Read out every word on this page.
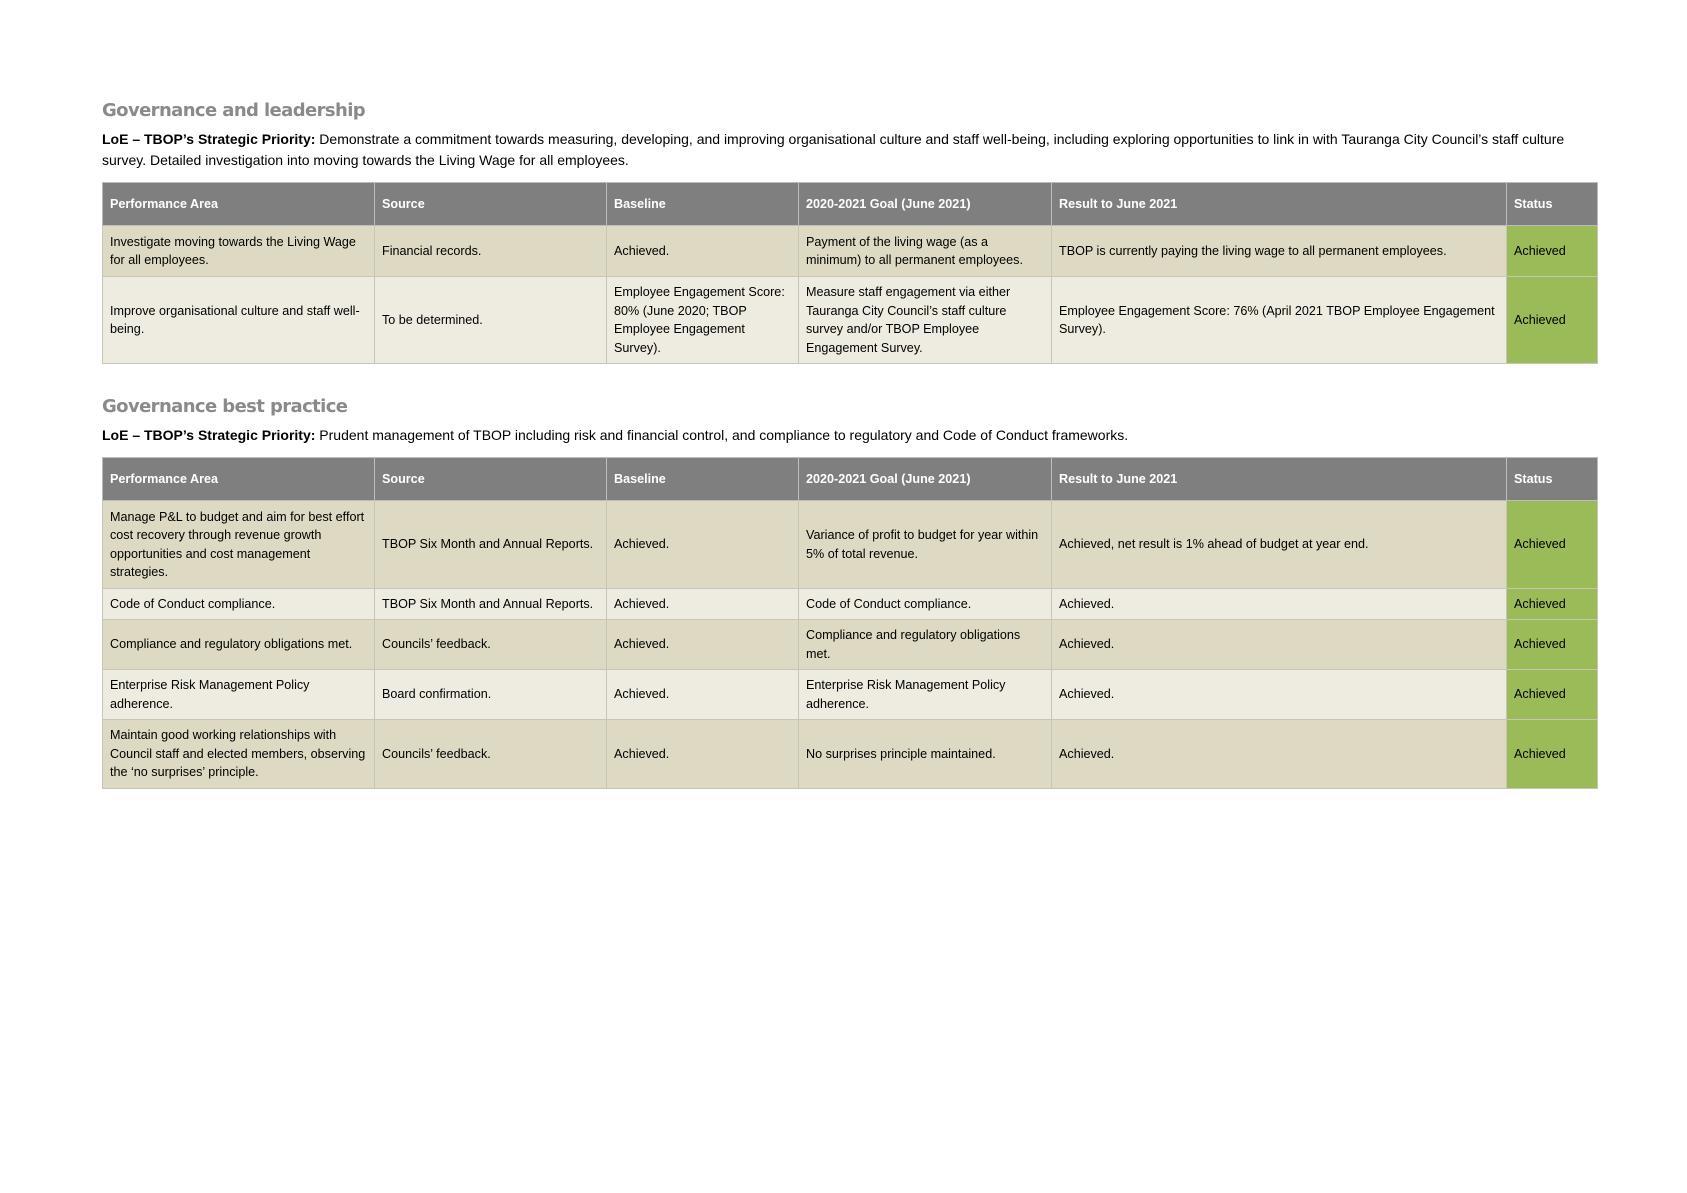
Governance and leadership

LoE – TBOP’s Strategic Priority: Demonstrate a commitment towards measuring, developing, and improving organisational culture and staff well-being, including exploring opportunities to link in with Tauranga City Council’s staff culture survey. Detailed investigation into moving towards the Living Wage for all employees.

Performance Area	Source	Baseline	2020-2021 Goal (June 2021)	Result to June 2021	Status
Investigate moving towards the Living Wage for all employees.	Financial records.	Achieved.	Payment of the living wage (as a minimum) to all permanent employees.	TBOP is currently paying the living wage to all permanent employees.	Achieved
Improve organisational culture and staff well-being.	To be determined.	Employee Engagement Score: 80% (June 2020; TBOP Employee Engagement Survey).	Measure staff engagement via either Tauranga City Council’s staff culture survey and/or TBOP Employee Engagement Survey.	Employee Engagement Score: 76% (April 2021 TBOP Employee Engagement Survey).	Achieved
Governance best practice

LoE – TBOP’s Strategic Priority: Prudent management of TBOP including risk and financial control, and compliance to regulatory and Code of Conduct frameworks.

Performance Area	Source	Baseline	2020-2021 Goal (June 2021)	Result to June 2021	Status
Manage P&L to budget and aim for best effort cost recovery through revenue growth opportunities and cost management strategies.	TBOP Six Month and Annual Reports.	Achieved.	Variance of profit to budget for year within 5% of total revenue.	Achieved, net result is 1% ahead of budget at year end.	Achieved
Code of Conduct compliance.	TBOP Six Month and Annual Reports.	Achieved.	Code of Conduct compliance.	Achieved.	Achieved
Compliance and regulatory obligations met.	Councils’ feedback.	Achieved.	Compliance and regulatory obligations met.	Achieved.	Achieved
Enterprise Risk Management Policy adherence.	Board confirmation.	Achieved.	Enterprise Risk Management Policy adherence.	Achieved.	Achieved
Maintain good working relationships with Council staff and elected members, observing the ‘no surprises’ principle.	Councils’ feedback.	Achieved.	No surprises principle maintained.	Achieved.	Achieved
